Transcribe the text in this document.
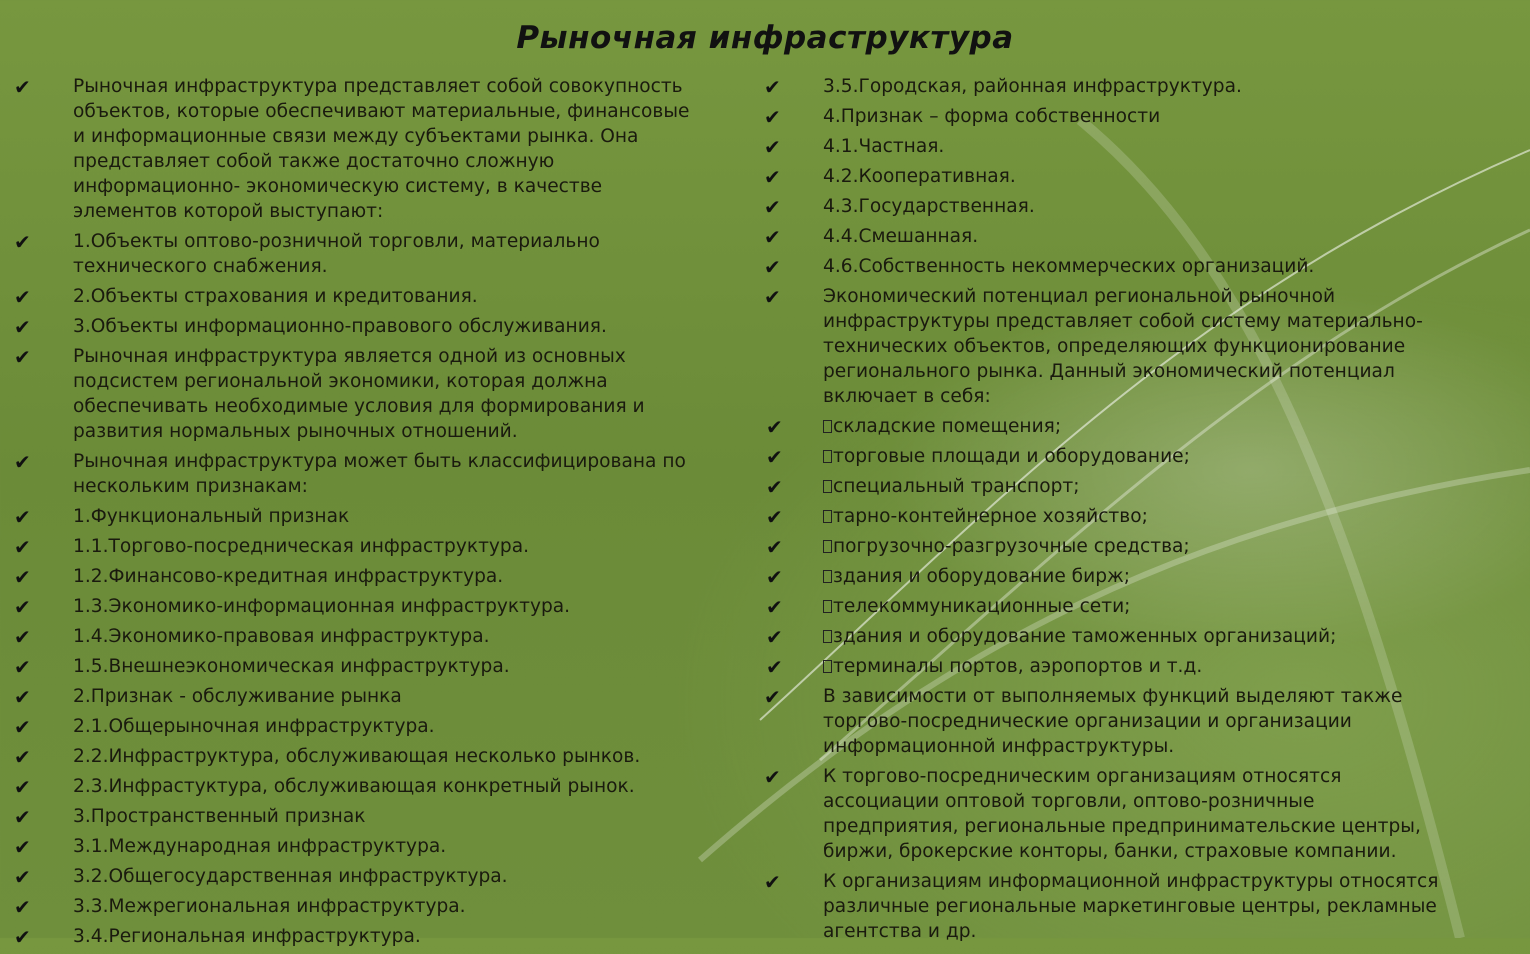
Рыночная инфраструктура
✔ Рыночная инфраструктура представляет собой совокупность
объектов, которые обеспечивают материальные, финансовые
и информационные связи между субъектами рынка. Она
представляет собой также достаточно сложную
информационно- экономическую систему, в качестве
элементов которой выступают:
✔ 1.Объекты оптово-розничной торговли, материально
технического снабжения.
✔ 2.Объекты страхования и кредитования.
✔ 3.Объекты информационно-правового обслуживания.
✔ Рыночная инфраструктура является одной из основных
подсистем региональной экономики, которая должна
обеспечивать необходимые условия для формирования и
развития нормальных рыночных отношений.
✔ Рыночная инфраструктура может быть классифицирована по
нескольким признакам:
✔ 1.Функциональный признак
✔ 1.1.Торгово-посредническая инфраструктура.
✔ 1.2.Финансово-кредитная инфраструктура.
✔ 1.3.Экономико-информационная инфраструктура.
✔ 1.4.Экономико-правовая инфраструктура.
✔ 1.5.Внешнеэкономическая инфраструктура.
✔ 2.Признак - обслуживание рынка
✔ 2.1.Общерыночная инфраструктура.
✔ 2.2.Инфраструктура, обслуживающая несколько рынков.
✔ 2.3.Инфрастуктура, обслуживающая конкретный рынок.
✔ 3.Пространственный признак
✔ 3.1.Международная инфраструктура.
✔ 3.2.Общегосударственная инфраструктура.
✔ 3.3.Межрегиональная инфраструктура.
✔ 3.4.Региональная инфраструктура.
✔ 3.5.Городская, районная инфраструктура.
✔ 4.Признак – форма собственности
✔ 4.1.Частная.
✔ 4.2.Кооперативная.
✔ 4.3.Государственная.
✔ 4.4.Смешанная.
✔ 4.6.Собственность некоммерческих организаций.
✔ Экономический потенциал региональной рыночной
инфраструктуры представляет собой систему материально-
технических объектов, определяющих функционирование
регионального рынка. Данный экономический потенциал
включает в себя:
✔	складские помещения;
✔	торговые площади и оборудование;
✔	специальный транспорт;
✔	тарно-контейнерное хозяйство;
✔	погрузочно-разгрузочные средства;
✔	здания и оборудование бирж;
✔	телекоммуникационные сети;
✔	здания и оборудование таможенных организаций;
✔	терминалы портов, аэропортов и т.д.
✔ В зависимости от выполняемых функций выделяют также
торгово-посреднические организации и организации
информационной инфраструктуры.
✔ К торгово-посредническим организациям относятся
ассоциации оптовой торговли, оптово-розничные
предприятия, региональные предпринимательские центры,
биржи, брокерские конторы, банки, страховые компании.
✔ К организациям информационной инфраструктуры относятся
различные региональные маркетинговые центры, рекламные
агентства и др.
